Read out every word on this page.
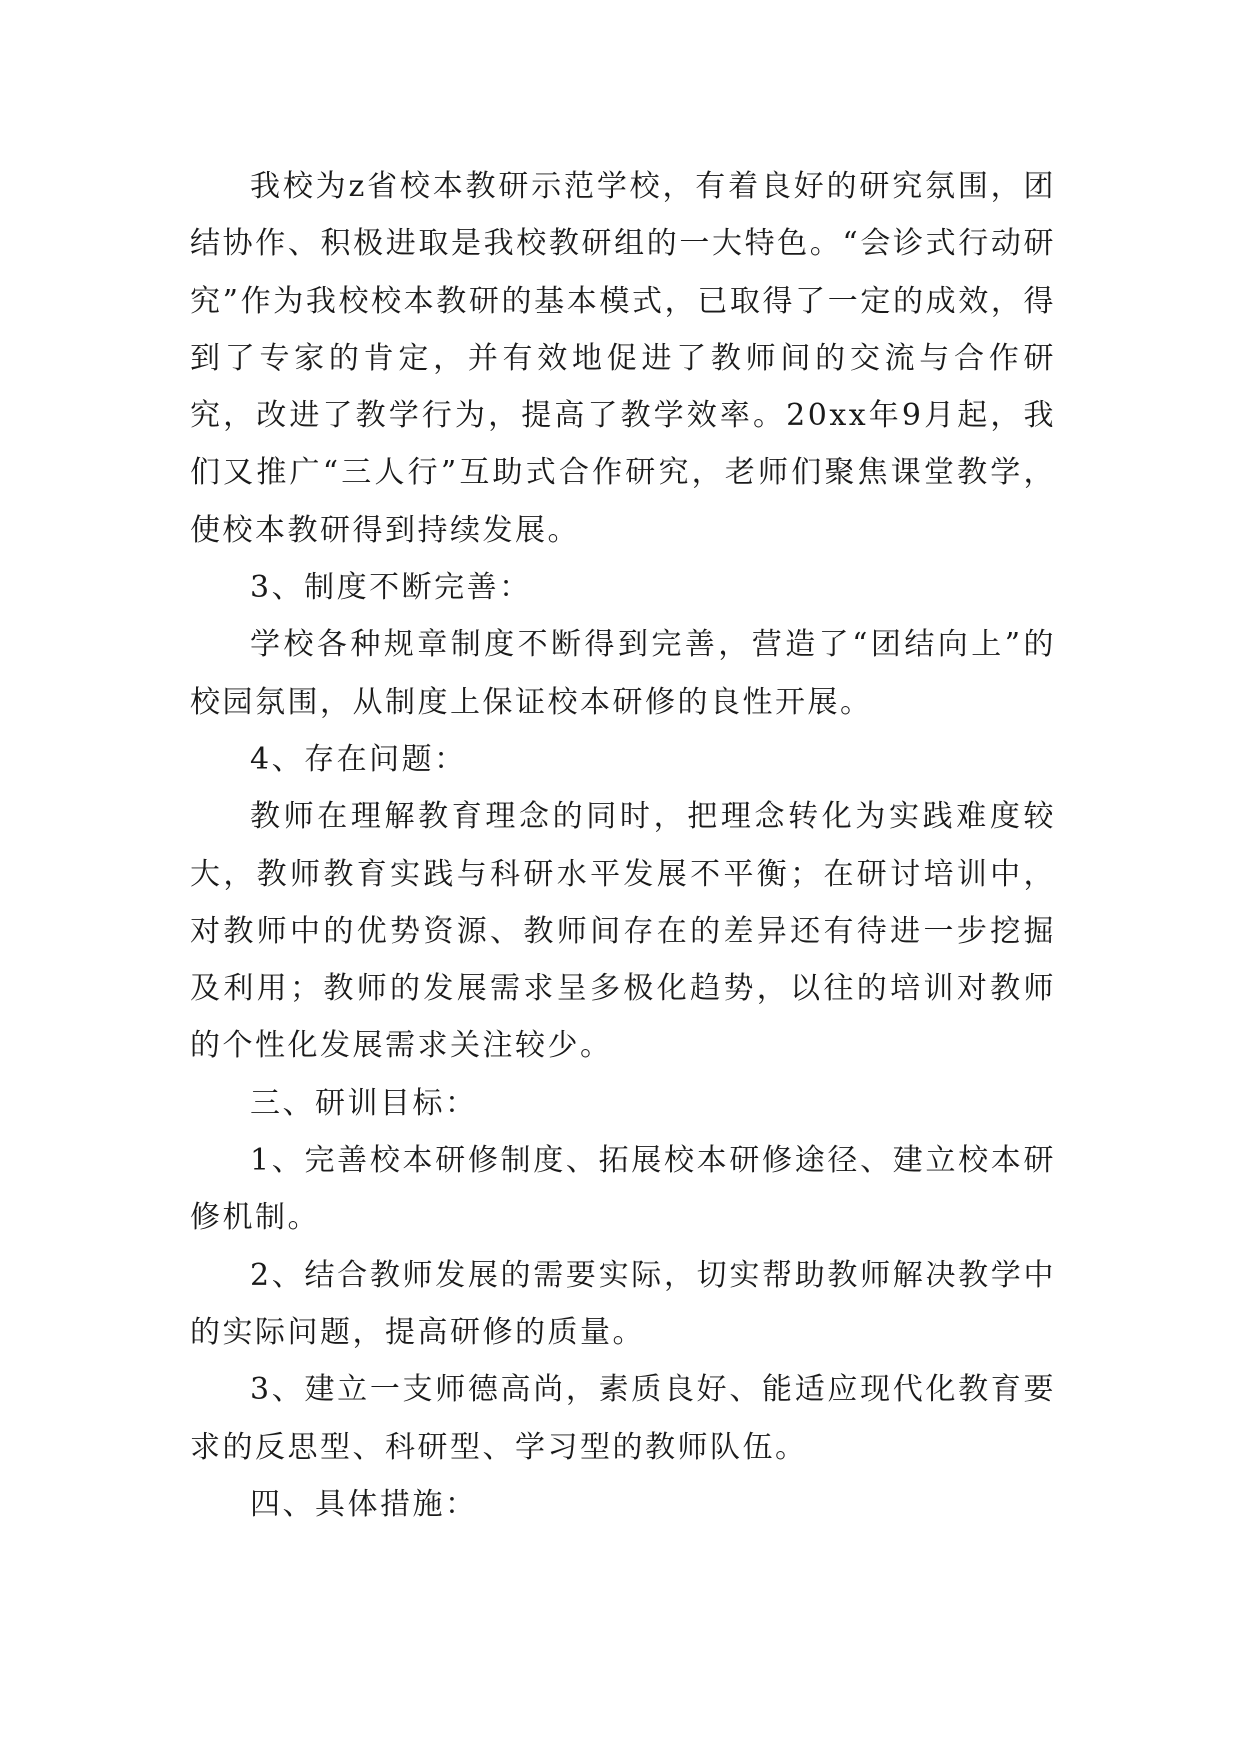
我校为z省校本教研示范学校，有着良好的研究氛围，团结协作、积极进取是我校教研组的一大特色。“会诊式行动研究”作为我校校本教研的基本模式，已取得了一定的成效，得到了专家的肯定，并有效地促进了教师间的交流与合作研究，改进了教学行为，提高了教学效率。20xx年9月起，我们又推广“三人行”互助式合作研究，老师们聚焦课堂教学，使校本教研得到持续发展。

3、制度不断完善：

学校各种规章制度不断得到完善，营造了“团结向上”的校园氛围，从制度上保证校本研修的良性开展。

4、存在问题：

教师在理解教育理念的同时，把理念转化为实践难度较大，教师教育实践与科研水平发展不平衡；在研讨培训中，对教师中的优势资源、教师间存在的差异还有待进一步挖掘及利用；教师的发展需求呈多极化趋势，以往的培训对教师的个性化发展需求关注较少。

三、研训目标：

1、完善校本研修制度、拓展校本研修途径、建立校本研修机制。

2、结合教师发展的需要实际，切实帮助教师解决教学中的实际问题，提高研修的质量。

3、建立一支师德高尚，素质良好、能适应现代化教育要求的反思型、科研型、学习型的教师队伍。

四、具体措施：
